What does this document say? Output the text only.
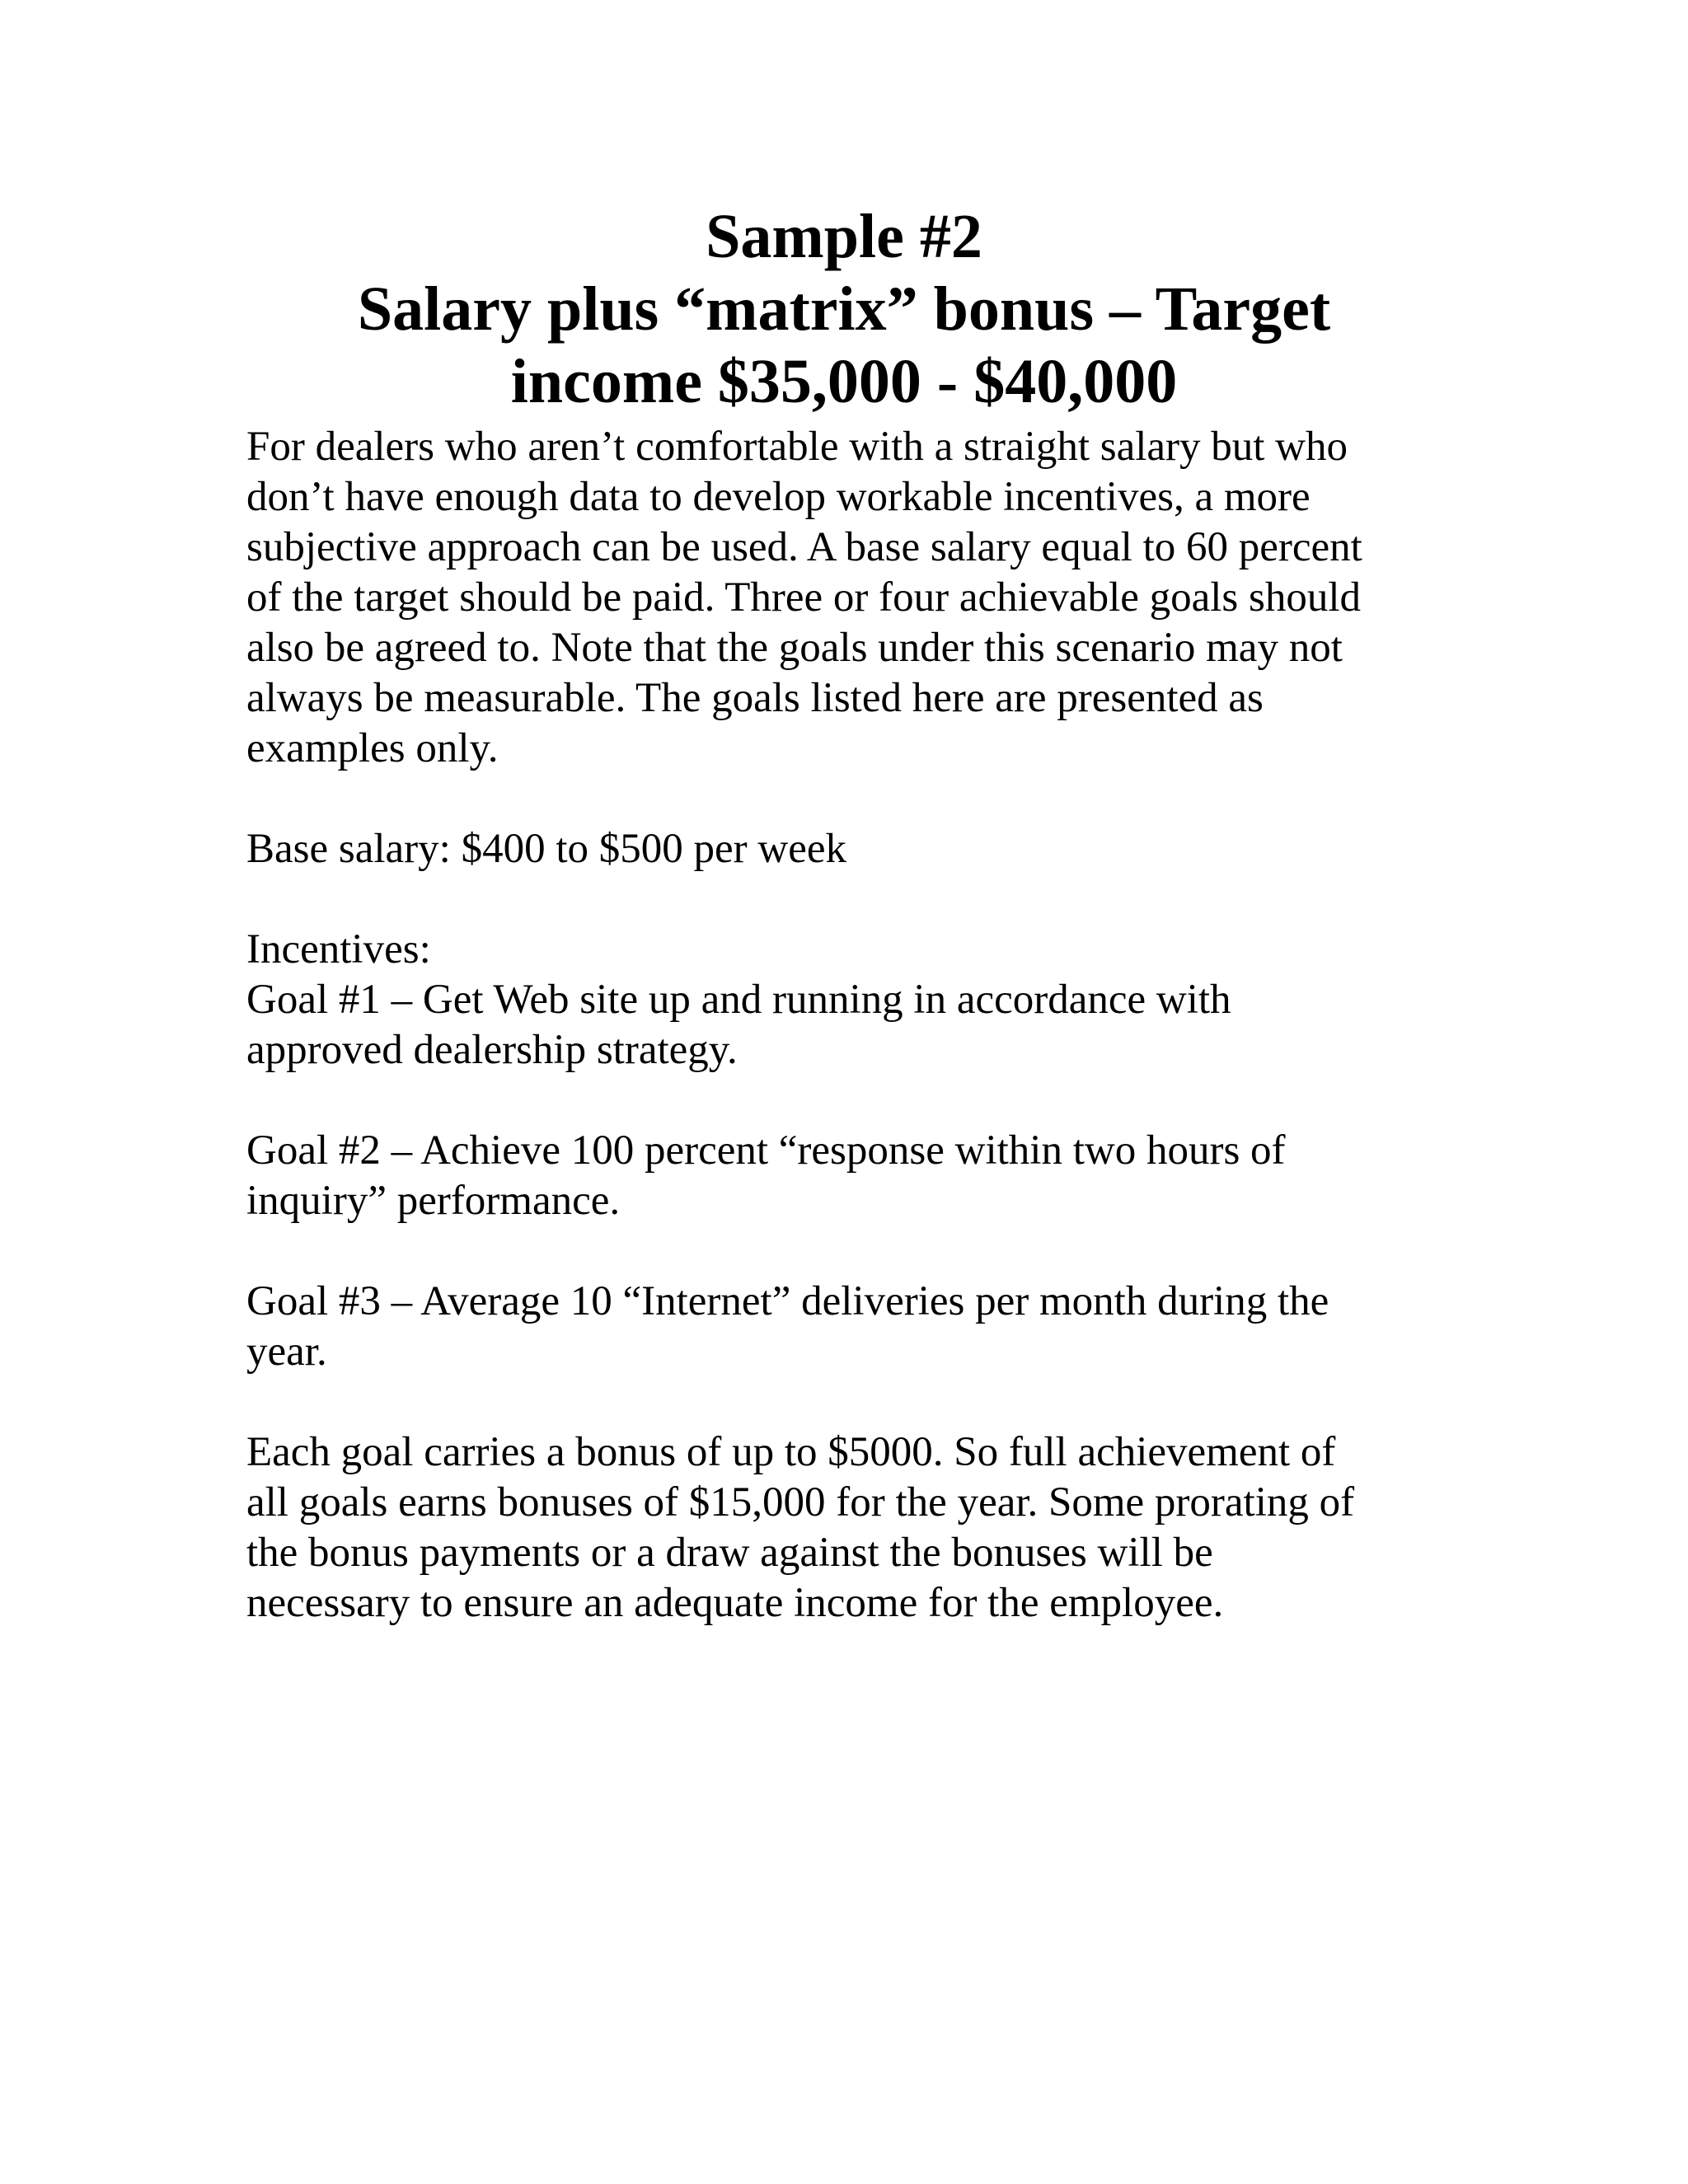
Sample #2
Salary plus “matrix” bonus – Target
income $35,000 - $40,000
For dealers who aren’t comfortable with a straight salary but who
don’t have enough data to develop workable incentives, a more
subjective approach can be used. A base salary equal to 60 percent
of the target should be paid. Three or four achievable goals should
also be agreed to. Note that the goals under this scenario may not
always be measurable. The goals listed here are presented as
examples only.
Base salary: $400 to $500 per week
Incentives:
Goal #1 – Get Web site up and running in accordance with
approved dealership strategy.
Goal #2 – Achieve 100 percent “response within two hours of
inquiry” performance.
Goal #3 – Average 10 “Internet” deliveries per month during the
year.
Each goal carries a bonus of up to $5000. So full achievement of
all goals earns bonuses of $15,000 for the year. Some prorating of
the bonus payments or a draw against the bonuses will be
necessary to ensure an adequate income for the employee.
